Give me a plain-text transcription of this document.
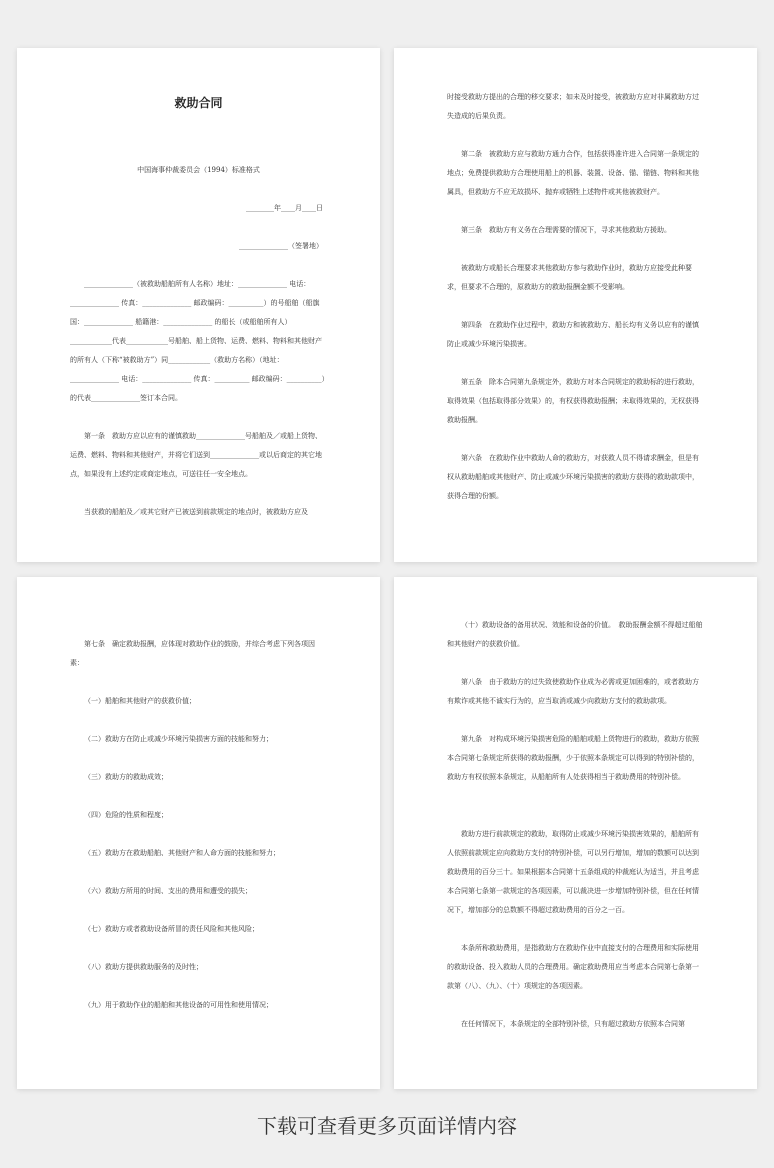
救助合同

中国海事仲裁委员会（1994）标准格式

________年____月____日

______________（签署地）

______________（被救助船舶所有人名称）地址：______________ 电话：______________ 传真：______________ 邮政编码：__________）的号船舶（船旗国：______________ 船籍港：______________ 的船长（或船舶所有人）____________代表____________号船舶、船上货物、运费、燃料、物料和其他财产的所有人（下称“被救助方”）同____________（救助方名称）（地址：______________ 电话：______________ 传真：__________ 邮政编码：__________）的代表______________签订本合同。

第一条　救助方应以应有的谨慎救助______________号船舶及／或船上货物、运费、燃料、物料和其他财产，并将它们送到______________或以后商定的其它地点，如果没有上述约定或商定地点，可送往任一安全地点。

当获救的船舶及／或其它财产已被送到前款规定的地点时，被救助方应及

时接受救助方提出的合理的移交要求；如未及时接受，被救助方应对非属救助方过失造成的后果负责。

第二条　被救助方应与救助方通力合作，包括获得准许进入合同第一条规定的地点；免费提供救助方合理使用船上的机器、装置、设备、锚、锚链、物料和其他属具，但救助方不应无故损坏、抛弃或牺牲上述物件或其他被救财产。

第三条　救助方有义务在合理需要的情况下，寻求其他救助方援助。

被救助方或船长合理要求其他救助方参与救助作业时，救助方应接受此种要求，但要求不合理的，原救助方的救助报酬金额不受影响。

第四条　在救助作业过程中，救助方和被救助方、船长均有义务以应有的谨慎防止或减少环境污染损害。

第五条　除本合同第九条规定外，救助方对本合同规定的救助标的进行救助，取得效果（包括取得部分效果）的，有权获得救助报酬；未取得效果的，无权获得救助报酬。

第六条　在救助作业中救助人命的救助方，对获救人员不得请求酬金，但是有权从救助船舶或其他财产、防止或减少环境污染损害的救助方获得的救助款项中，获得合理的份额。

第七条　确定救助报酬，应体现对救助作业的鼓励，并综合考虑下列各项因素：

（一）船舶和其他财产的获救价值；

（二）救助方在防止或减少环境污染损害方面的技能和努力；

（三）救助方的救助成效；

（四）危险的性质和程度；

（五）救助方在救助船舶、其他财产和人命方面的技能和努力；

（六）救助方所用的时间、支出的费用和遭受的损失；

（七）救助方或者救助设备所冒的责任风险和其他风险；

（八）救助方提供救助服务的及时性；

（九）用于救助作业的船舶和其他设备的可用性和使用情况；

（十）救助设备的备用状况、效能和设备的价值。　救助报酬金额不得超过船舶和其他财产的获救价值。

第八条　由于救助方的过失致使救助作业成为必需或更加困难的，或者救助方有欺诈或其他不诚实行为的，应当取消或减少向救助方支付的救助款项。

第九条　对构成环境污染损害危险的船舶或船上货物进行的救助，救助方依照本合同第七条规定所获得的救助报酬，少于依照本条规定可以得到的特别补偿的，救助方有权依照本条规定，从船舶所有人处获得相当于救助费用的特别补偿。

救助方进行前款规定的救助，取得防止或减少环境污染损害效果的，船舶所有人依照前款规定应向救助方支付的特别补偿，可以另行增加，增加的数额可以达到救助费用的百分三十。如果根据本合同第十五条组成的仲裁庭认为适当，并且考虑本合同第七条第一款规定的各项因素，可以裁决进一步增加特别补偿，但在任何情况下，增加部分的总数额不得超过救助费用的百分之一百。

本条所称救助费用，是指救助方在救助作业中直接支付的合理费用和实际使用的救助设备、投入救助人员的合理费用。确定救助费用应当考虑本合同第七条第一款第（八）、（九）、（十）项规定的各项因素。

在任何情况下，本条规定的全部特别补偿，只有超过救助方依照本合同第

下载可查看更多页面详情内容
